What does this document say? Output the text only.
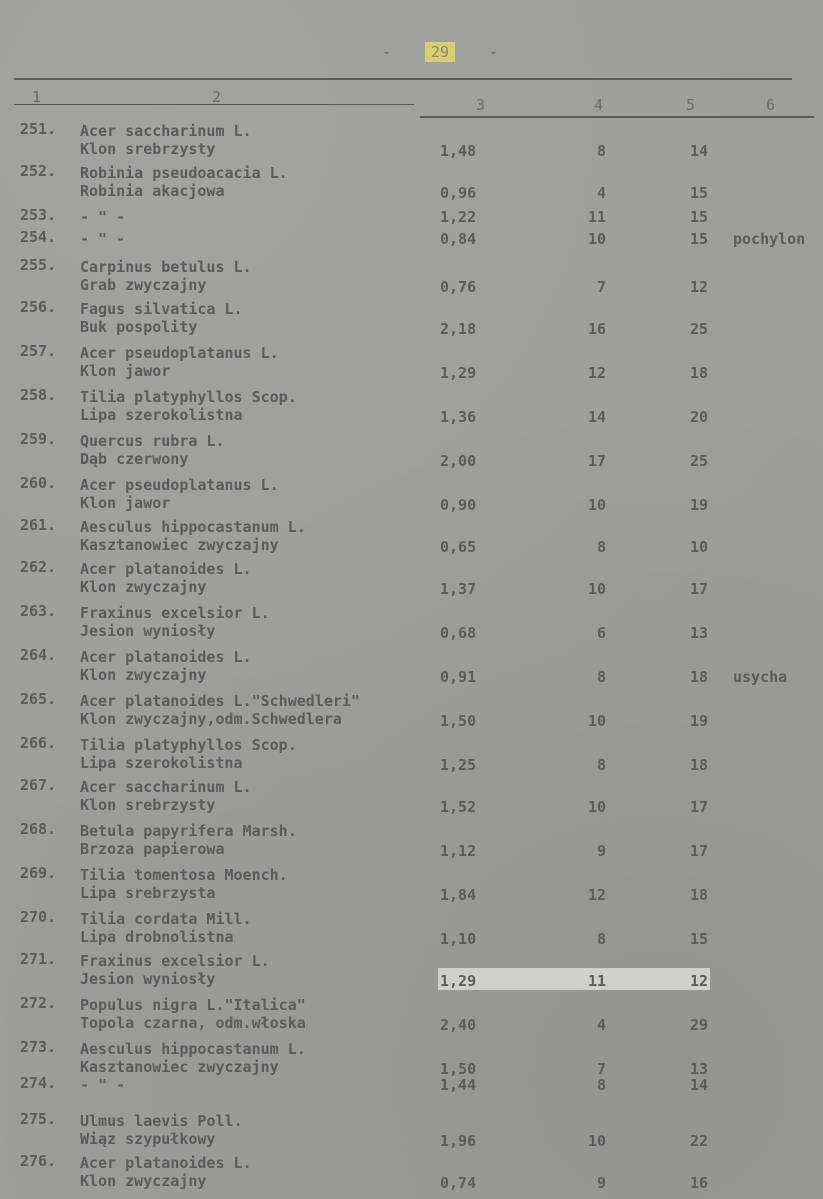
-	29	-
1	2	3	4	5	6
251. Acer saccharinum L.
Klon srebrzysty	1,48	8	14
252. Robinia pseudoacacia L.
Robinia akacjowa	0,96	4	15
253. - " -	1,22	11	15
254. - " -	0,84	10	15 pochylon
255. Carpinus betulus L.
Grab zwyczajny	0,76	7	12
256. Fagus silvatica L.
Buk pospolity	2,18	16	25
257. Acer pseudoplatanus L.
Klon jawor	1,29	12	18
258. Tilia platyphyllos Scop.
Lipa szerokolistna	1,36	14	20
259. Quercus rubra L.
Dąb czerwony	2,00	17	25
260. Acer pseudoplatanus L.
Klon jawor	0,90	10	19
261. Aesculus hippocastanum L.
Kasztanowiec zwyczajny	0,65	8	10
262. Acer platanoides L.
Klon zwyczajny	1,37	10	17
263. Fraxinus excelsior L.
Jesion wyniosły	0,68	6	13
264. Acer platanoides L.
Klon zwyczajny	0,91	8	18 usycha
265. Acer platanoides L."Schwedleri"
Klon zwyczajny,odm.Schwedlera	1,50	10	19
266. Tilia platyphyllos Scop.
Lipa szerokolistna	1,25	8	18
267. Acer saccharinum L.
Klon srebrzysty	1,52	10	17
268. Betula papyrifera Marsh.
Brzoza papierowa	1,12	9	17
269. Tilia tomentosa Moench.
Lipa srebrzysta	1,84	12	18
270. Tilia cordata Mill.
Lipa drobnolistna	1,10	8	15
271. Fraxinus excelsior L.
Jesion wyniosły	1,29	11	12
272. Populus nigra L."Italica"
Topola czarna, odm.włoska	2,40	4	29
273. Aesculus hippocastanum L.
Kasztanowiec zwyczajny	1,50	7	13
274. - " -	1,44	8	14
275. Ulmus laevis Poll.
Wiąz szypułkowy	1,96	10	22
276. Acer platanoides L.
Klon zwyczajny	0,74	9	16
